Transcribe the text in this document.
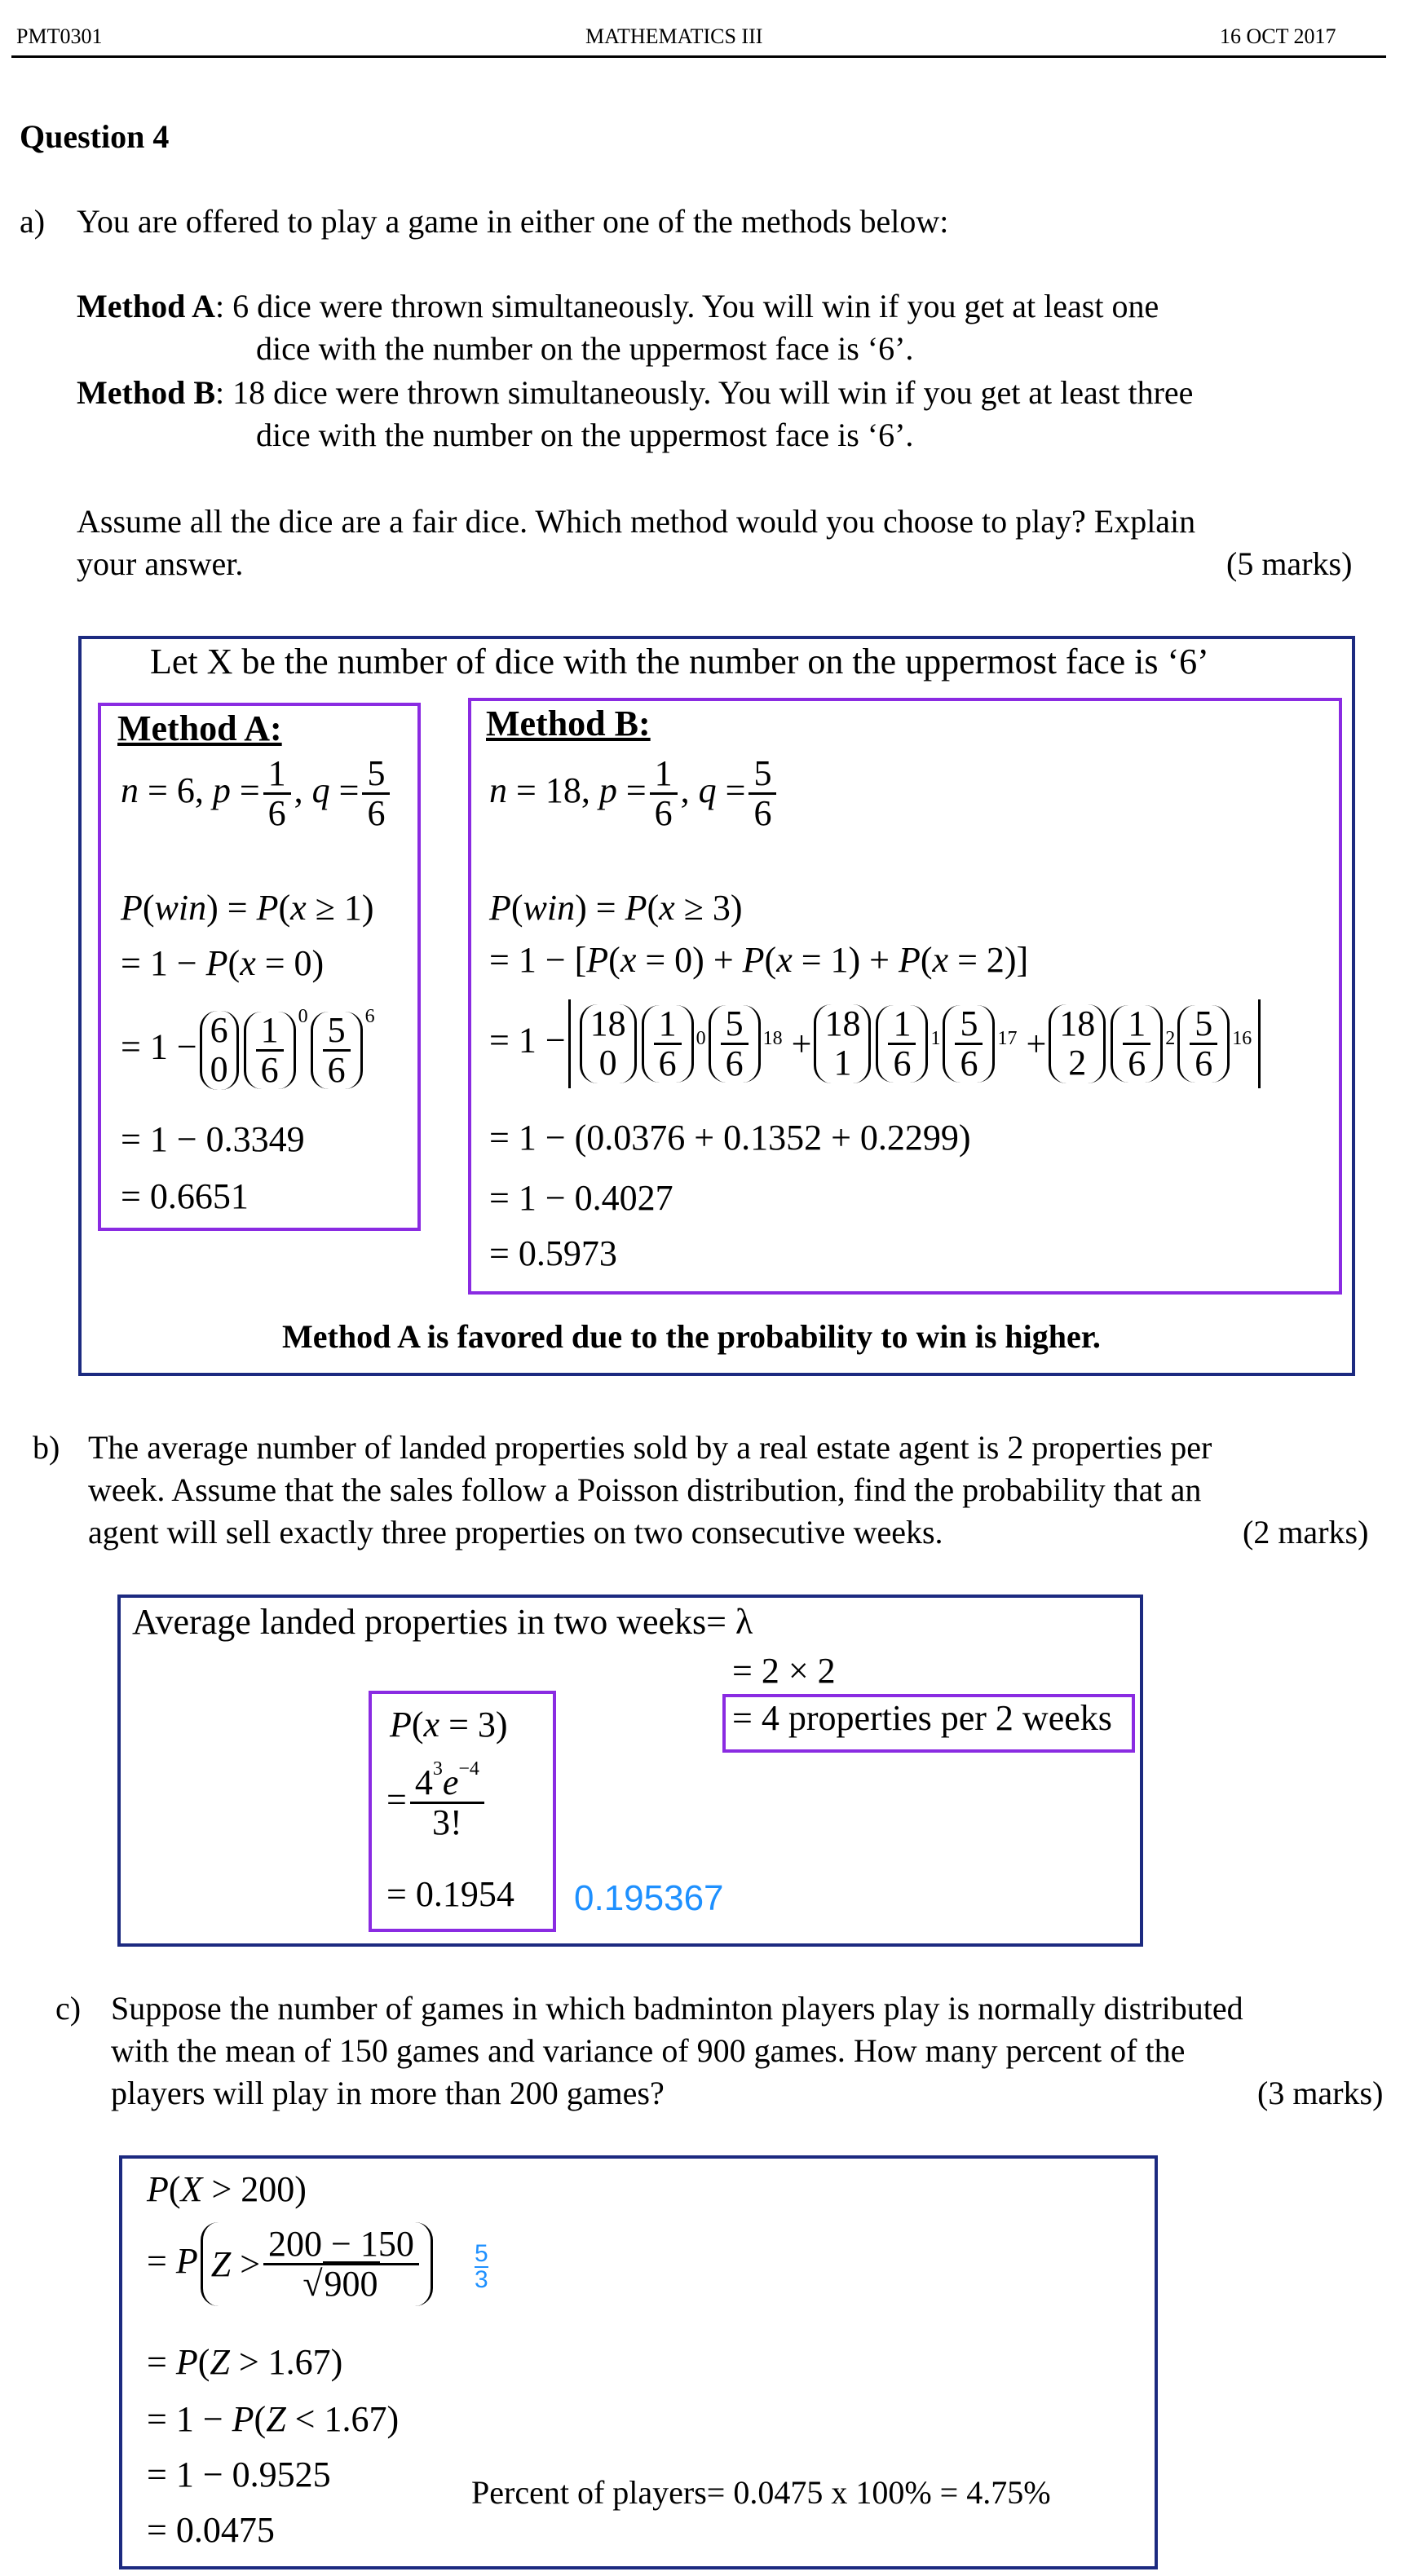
PMT0301	MATHEMATICS III	16 OCT 2017
Question 4
a) You are offered to play a game in either one of the methods below:
Method A: 6 dice were thrown simultaneously. You will win if you get at least one
dice with the number on the uppermost face is ‘6’.
Method B: 18 dice were thrown simultaneously. You will win if you get at least three
dice with the number on the uppermost face is ‘6’.
Assume all the dice are a fair dice. Which method would you choose to play? Explain
your answer.	(5 marks)
Let X be the number of dice with the number on the uppermost face is ‘6’
Method A:
n = 6, $p = \frac{1}{6}$ , $q = \frac{5}{6}$
P(win) = P(x ≥ 1)
= 1 − P(x = 0)
= 1 − 6
$0 \frac{1}{6} ^0 \frac{5}{6} ^6$
= 1 − 0.3349
= 0.6651
Method B:
n = 18, $p = \frac{1}{6}$ , $q = \frac{5}{6}$
P(win) = P(x ≥ 3)
= 1 − [P(x = 0) + P(x = 1) + P(x = 2)]
= 1 − 18
$0 \frac{1}{6} 0 \frac{5}{6} 18$ +
18
$1 \frac{1}{6} 1 \frac{5}{6} 17$ +
18
$2 \frac{1}{6} 2 \frac{5}{6} 16$
= 1 − (0.0376 + 0.1352 + 0.2299)
= 1 − 0.4027
= 0.5973
Method A is favored due to the probability to win is higher.
b) The average number of landed properties sold by a real estate agent is 2 properties per
week. Assume that the sales follow a Poisson distribution, find the probability that an
agent will sell exactly three properties on two consecutive weeks.	(2 marks)
Average landed properties in two weeks= λ
= 2 × 2
= 4 properties per 2 weeks
P(x = 3)
= $\frac{4^3e^{-4}}{3!}$
= 0.1954 0.195367
c) Suppose the number of games in which badminton players play is normally distributed
with the mean of 150 games and variance of 900 games. How many percent of the
players will play in more than 200 games?	(3 marks)
P(X > 200)
= P $Z > \frac{200 - 150}{√900} 5$
3
= P(Z > 1.67)
= 1 − P(Z < 1.67)
= 1 − 0.9525
= 0.0475
Percent of players= 0.0475 x 100% = 4.75%
